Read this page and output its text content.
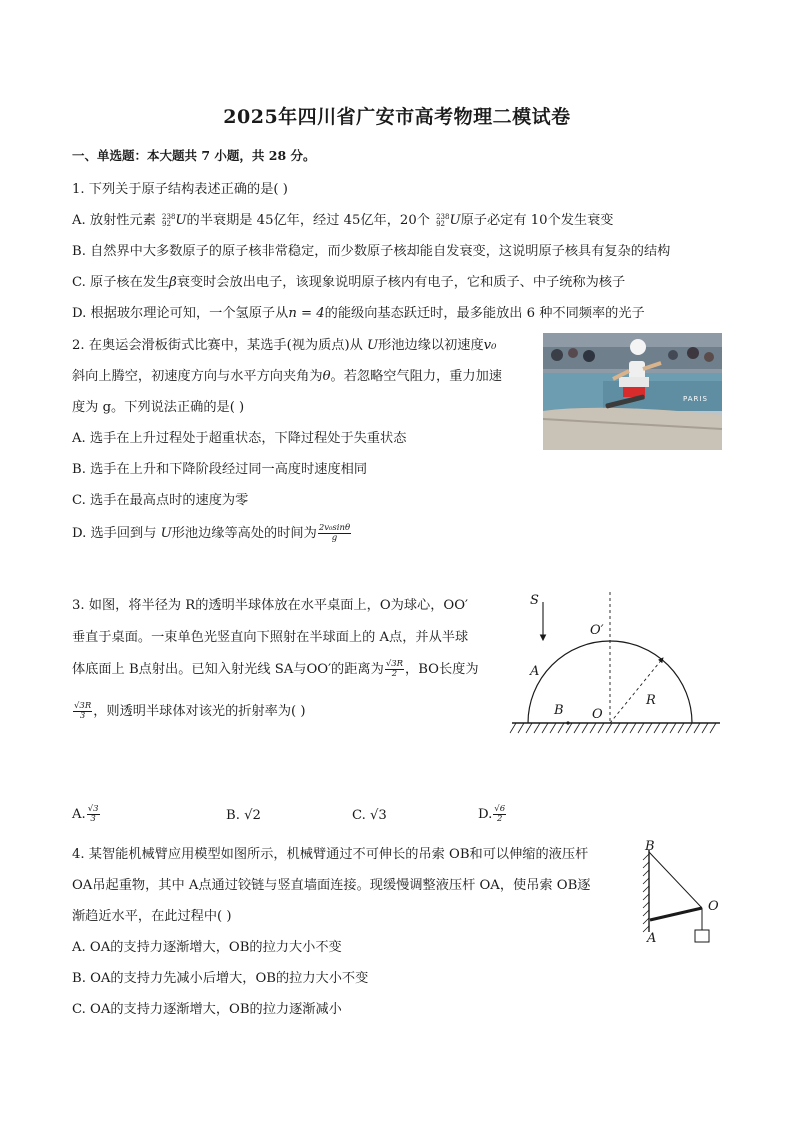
2025年四川省广安市高考物理二模试卷
一、单选题：本大题共 7 小题，共 28 分。
1. 下列关于原子结构表述正确的是( )
A. 放射性元素 238
92 U的半衰期是 45亿年，经过 45亿年，20个 238
92 U原子必定有 10个发生衰变
B. 自然界中大多数原子的原子核非常稳定，而少数原子核却能自发衰变，这说明原子核具有复杂的结构
C. 原子核在发生β衰变时会放出电子，该现象说明原子核内有电子，它和质子、中子统称为核子
D. 根据玻尔理论可知，一个氢原子从n = 4的能级向基态跃迁时，最多能放出 6 种不同频率的光子
2. 在奥运会滑板街式比赛中，某选手(视为质点)从 U形池边缘以初速度v₀
斜向上腾空，初速度方向与水平方向夹角为θ。若忽略空气阻力，重力加速
度为 g。下列说法正确的是( )
A. 选手在上升过程处于超重状态，下降过程处于失重状态
B. 选手在上升和下降阶段经过同一高度时速度相同
C. 选手在最高点时的速度为零
D. 选手回到与 U形池边缘等高处的时间为 $\frac{\text{2v₀sinθ}}{g}$
PARIS
3. 如图，将半径为 R的透明半球体放在水平桌面上，O为球心，OO′
垂直于桌面。一束单色光竖直向下照射在半球面上的 A点，并从半球
体底面上 B点射出。已知入射光线 SA与OO′的距离为 $\frac{√3R}{2}$ ，BO长度为
$\frac{√3R}{3}$ ，则透明半球体对该光的折射率为( )
A. $\frac{√3}{3}$	B. √2	C. √3	D. $\frac{√6}{2}$
S
O′
A
B O
R
4. 某智能机械臂应用模型如图所示，机械臂通过不可伸长的吊索 OB和可以伸缩的液压杆
OA吊起重物，其中 A点通过铰链与竖直墙面连接。现缓慢调整液压杆 OA，使吊索 OB逐
渐趋近水平，在此过程中( )
A. OA的支持力逐渐增大，OB的拉力大小不变
B. OA的支持力先减小后增大，OB的拉力大小不变
C. OA的支持力逐渐增大，OB的拉力逐渐减小
B
O
A
